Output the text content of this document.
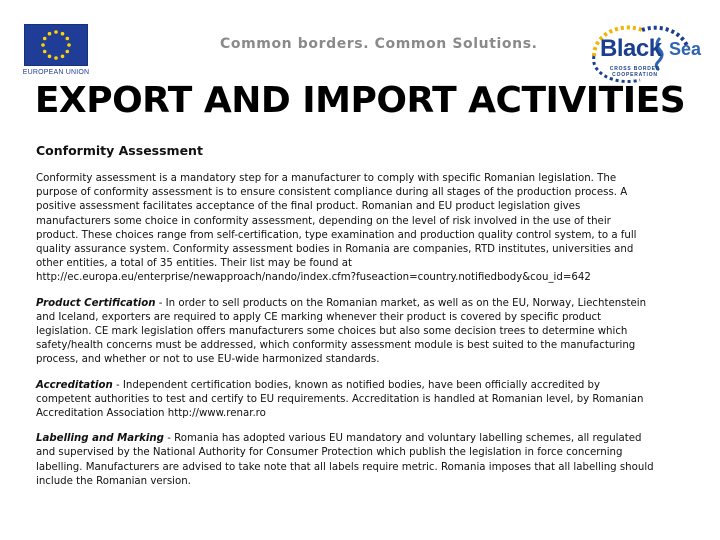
EUROPEAN UNION
Common borders. Common Solutions.	Black Sea
CROSS BORDER
COOPERATION
EXPORT AND IMPORT ACTIVITIES
Conformity Assessment

Conformity assessment is a mandatory step for a manufacturer to comply with specific Romanian legislation. The purpose of conformity assessment is to ensure consistent compliance during all stages of the production process. A positive assessment facilitates acceptance of the final product. Romanian and EU product legislation gives manufacturers some choice in conformity assessment, depending on the level of risk involved in the use of their product. These choices range from self-certification, type examination and production quality control system, to a full quality assurance system. Conformity assessment bodies in Romania are companies, RTD institutes, universities and other entities, a total of 35 entities. Their list may be found at http://ec.europa.eu/enterprise/newapproach/nando/index.cfm?fuseaction=country.notifiedbody&cou_id=642

Product Certification - In order to sell products on the Romanian market, as well as on the EU, Norway, Liechtenstein and Iceland, exporters are required to apply CE marking whenever their product is covered by specific product legislation. CE mark legislation offers manufacturers some choices but also some decision trees to determine which safety/health concerns must be addressed, which conformity assessment module is best suited to the manufacturing process, and whether or not to use EU-wide harmonized standards.

Accreditation - Independent certification bodies, known as notified bodies, have been officially accredited by competent authorities to test and certify to EU requirements. Accreditation is handled at Romanian level, by Romanian Accreditation Association http://www.renar.ro

Labelling and Marking - Romania has adopted various EU mandatory and voluntary labelling schemes, all regulated and supervised by the National Authority for Consumer Protection which publish the legislation in force concerning labelling. Manufacturers are advised to take note that all labels require metric. Romania imposes that all labelling should include the Romanian version.
